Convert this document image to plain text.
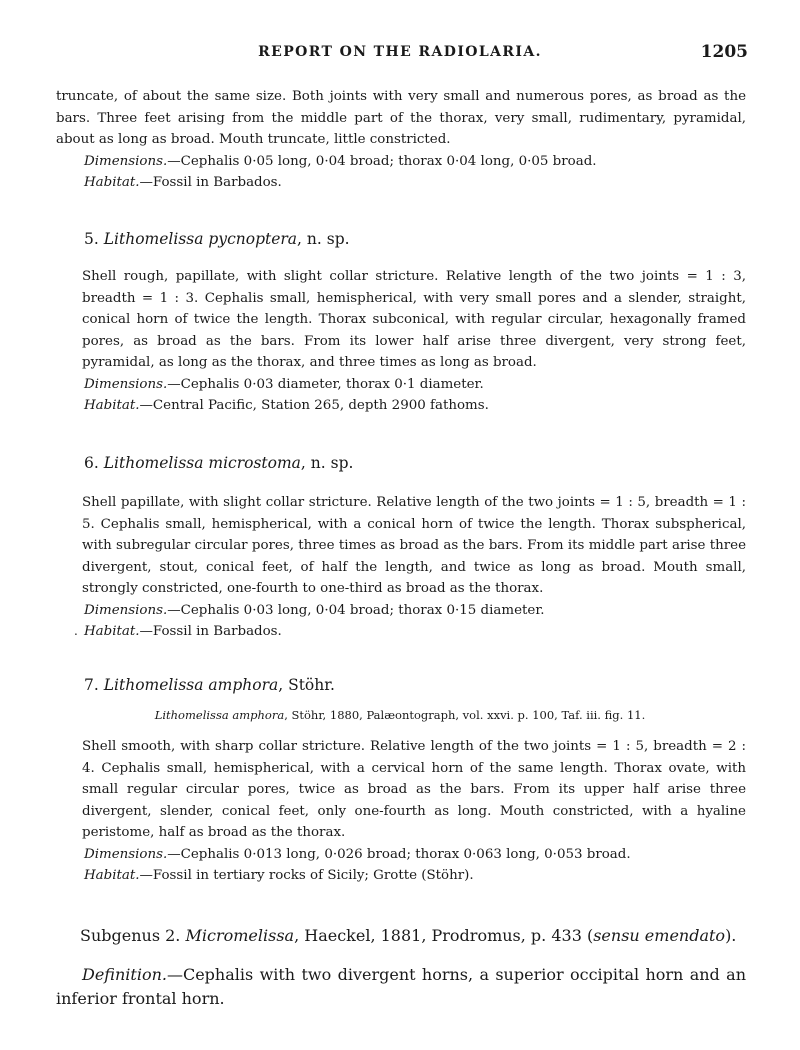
REPORT ON THE RADIOLARIA.	1205

truncate, of about the same size. Both joints with very small and numerous pores, as broad as the bars. Three feet arising from the middle part of the thorax, very small, rudimentary, pyramidal, about as long as broad. Mouth truncate, little constricted.

Dimensions.—Cephalis 0·05 long, 0·04 broad; thorax 0·04 long, 0·05 broad.

Habitat.—Fossil in Barbados.

5. Lithomelissa pycnoptera, n. sp.

Shell rough, papillate, with slight collar stricture. Relative length of the two joints = 1 : 3, breadth = 1 : 3. Cephalis small, hemispherical, with very small pores and a slender, straight, conical horn of twice the length. Thorax subconical, with regular circular, hexagonally framed pores, as broad as the bars. From its lower half arise three divergent, very strong feet, pyramidal, as long as the thorax, and three times as long as broad.

Dimensions.—Cephalis 0·03 diameter, thorax 0·1 diameter.

Habitat.—Central Pacific, Station 265, depth 2900 fathoms.

6. Lithomelissa microstoma, n. sp.

Shell papillate, with slight collar stricture. Relative length of the two joints = 1 : 5, breadth = 1 : 5. Cephalis small, hemispherical, with a conical horn of twice the length. Thorax subspherical, with subregular circular pores, three times as broad as the bars. From its middle part arise three divergent, stout, conical feet, of half the length, and twice as long as broad. Mouth small, strongly constricted, one-fourth to one-third as broad as the thorax.

Dimensions.—Cephalis 0·03 long, 0·04 broad; thorax 0·15 diameter.

Habitat.—Fossil in Barbados.

.
7. Lithomelissa amphora, Stöhr.
Lithomelissa amphora, Stöhr, 1880, Palæontograph, vol. xxvi. p. 100, Taf. iii. fig. 11.

Shell smooth, with sharp collar stricture. Relative length of the two joints = 1 : 5, breadth = 2 : 4. Cephalis small, hemispherical, with a cervical horn of the same length. Thorax ovate, with small regular circular pores, twice as broad as the bars. From its upper half arise three divergent, slender, conical feet, only one-fourth as long. Mouth constricted, with a hyaline peristome, half as broad as the thorax.

Dimensions.—Cephalis 0·013 long, 0·026 broad; thorax 0·063 long, 0·053 broad.

Habitat.—Fossil in tertiary rocks of Sicily; Grotte (Stöhr).

Subgenus 2. Micromelissa, Haeckel, 1881, Prodromus, p. 433 (sensu emendato).
Definition.—Cephalis with two divergent horns, a superior occipital horn and an inferior frontal horn.
